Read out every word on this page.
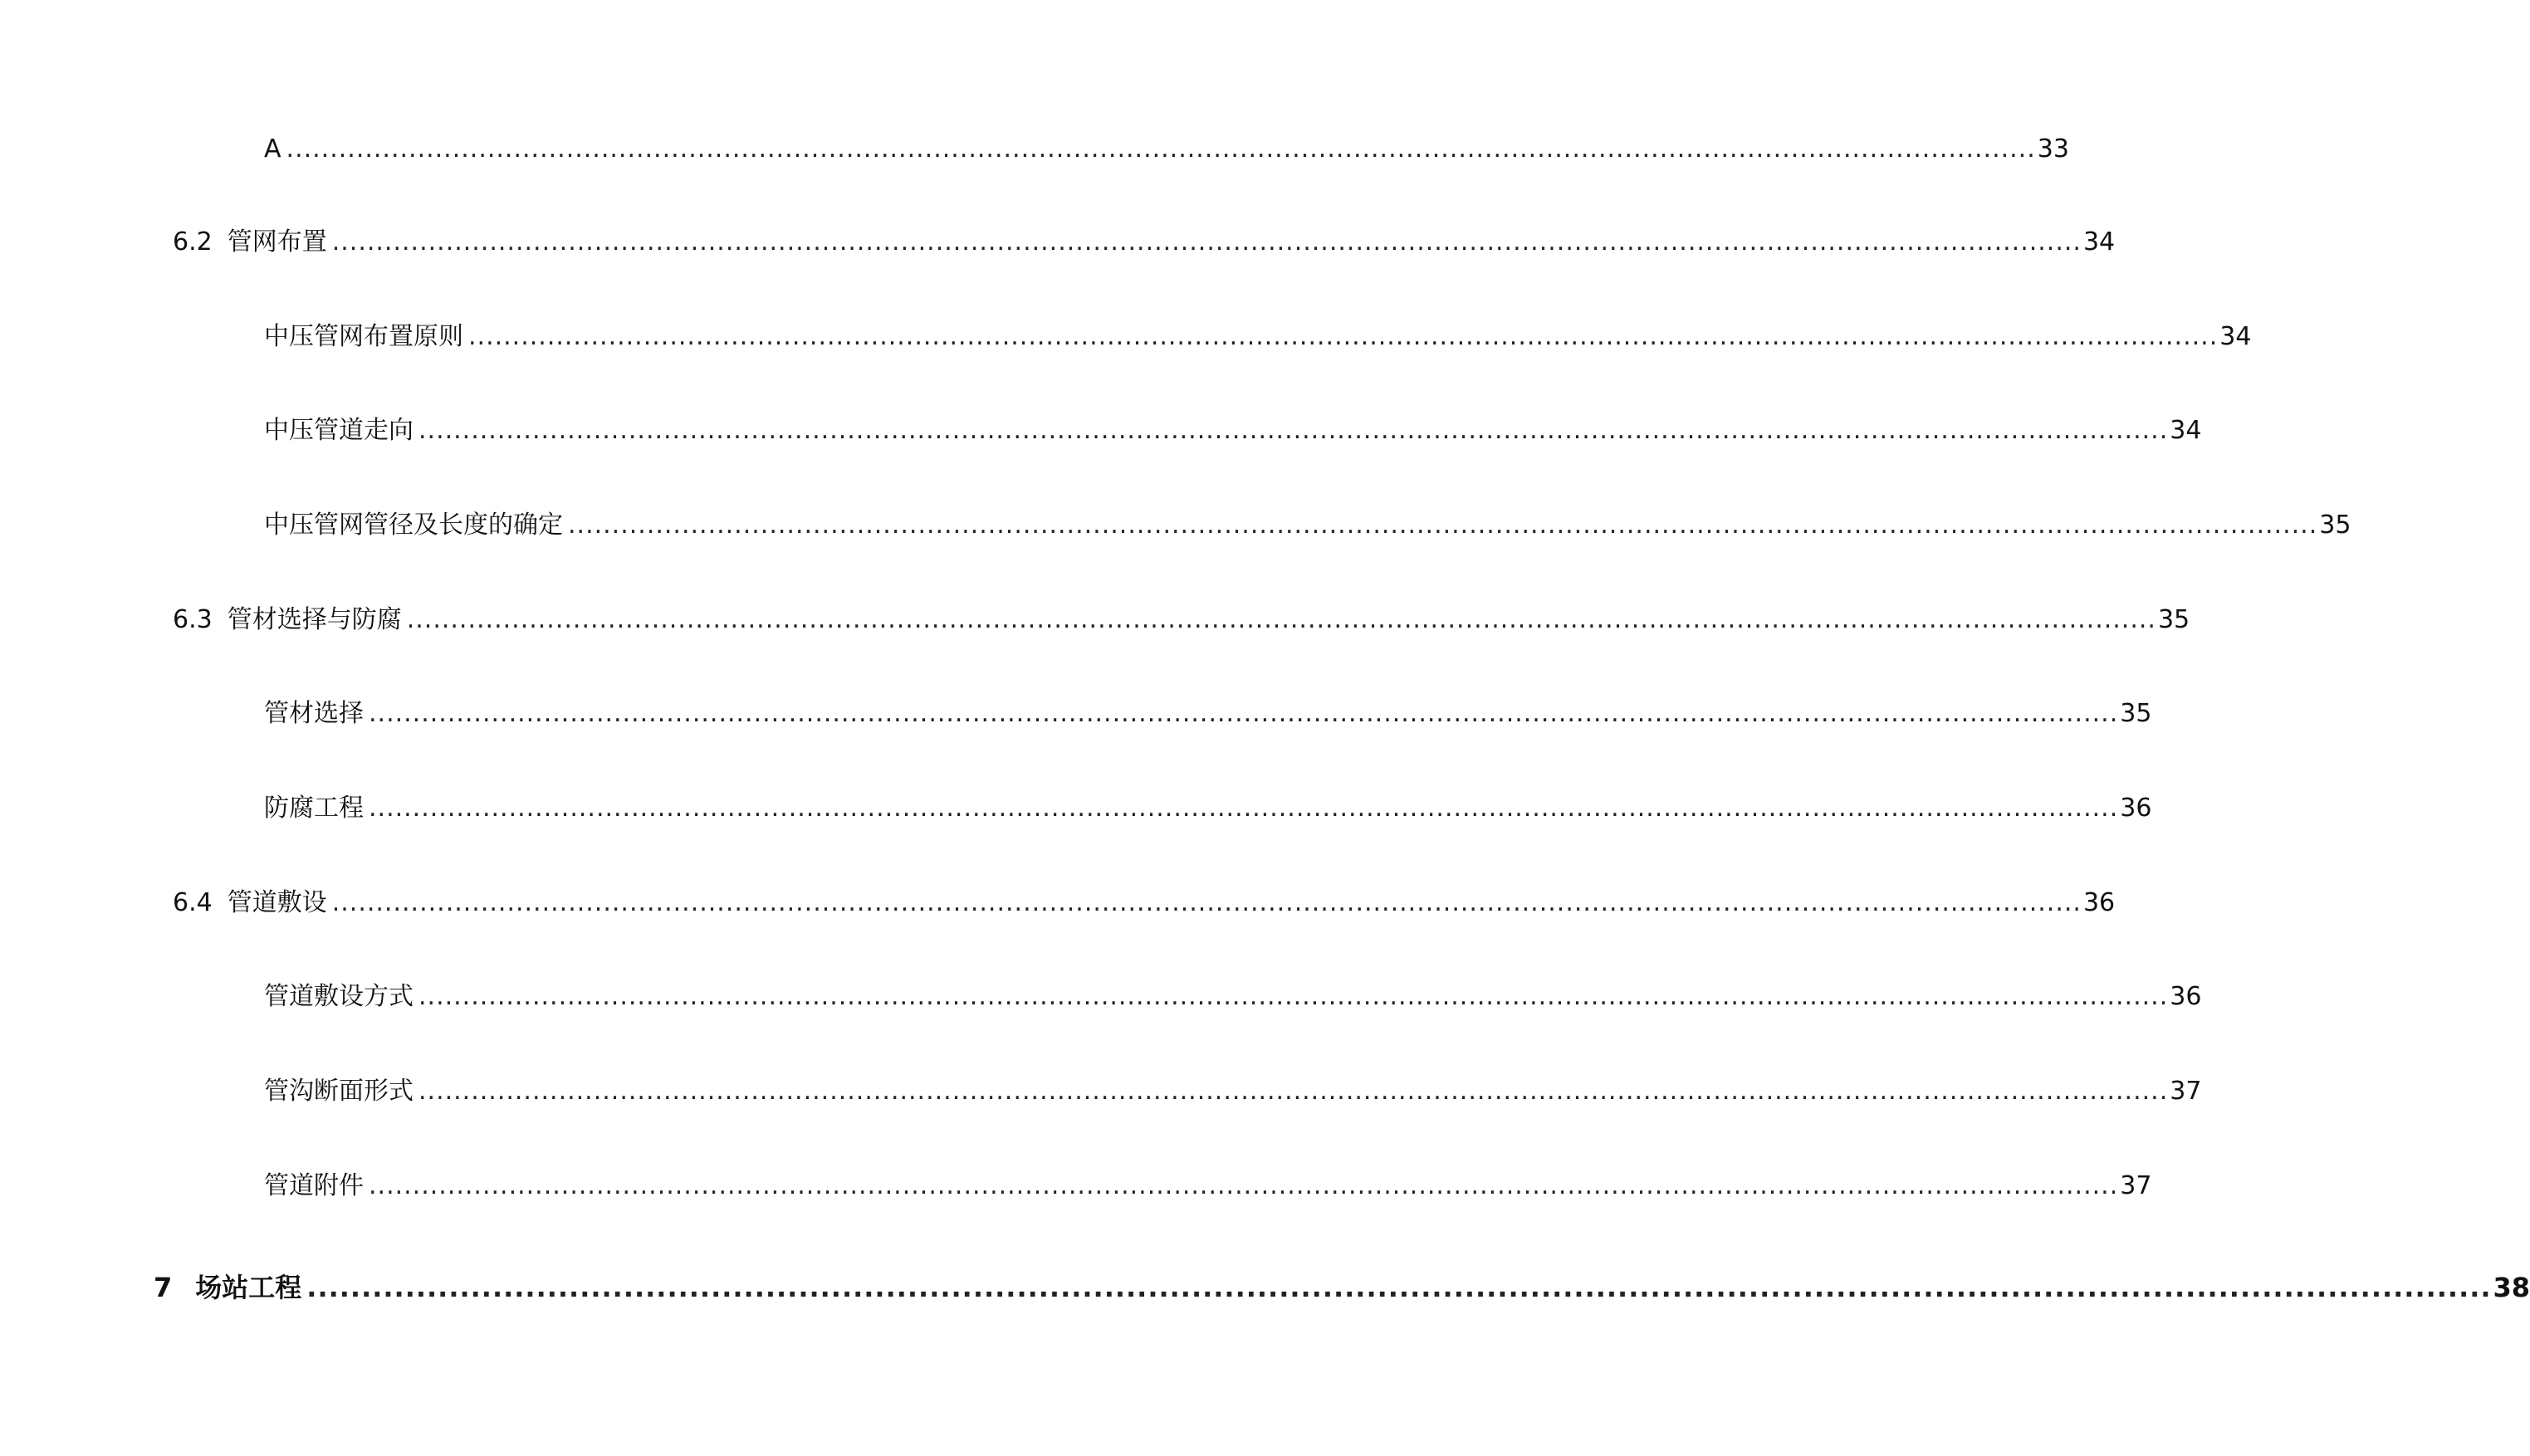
A ........................................................................................................................................................................................................ 33
6.2 管网布置 ........................................................................................................................................................................................................ 34
中压管网布置原则 ........................................................................................................................................................................................................ 34
中压管道走向 ........................................................................................................................................................................................................ 34
中压管网管径及长度的确定 ........................................................................................................................................................................................................ 35
6.3 管材选择与防腐 ........................................................................................................................................................................................................ 35
管材选择 ........................................................................................................................................................................................................ 35
防腐工程 ........................................................................................................................................................................................................ 36
6.4 管道敷设 ........................................................................................................................................................................................................ 36
管道敷设方式 ........................................................................................................................................................................................................ 36
管沟断面形式 ........................................................................................................................................................................................................ 37
管道附件 ........................................................................................................................................................................................................ 37
7 场站工程 ........................................................................................................................................................................................................ 38
